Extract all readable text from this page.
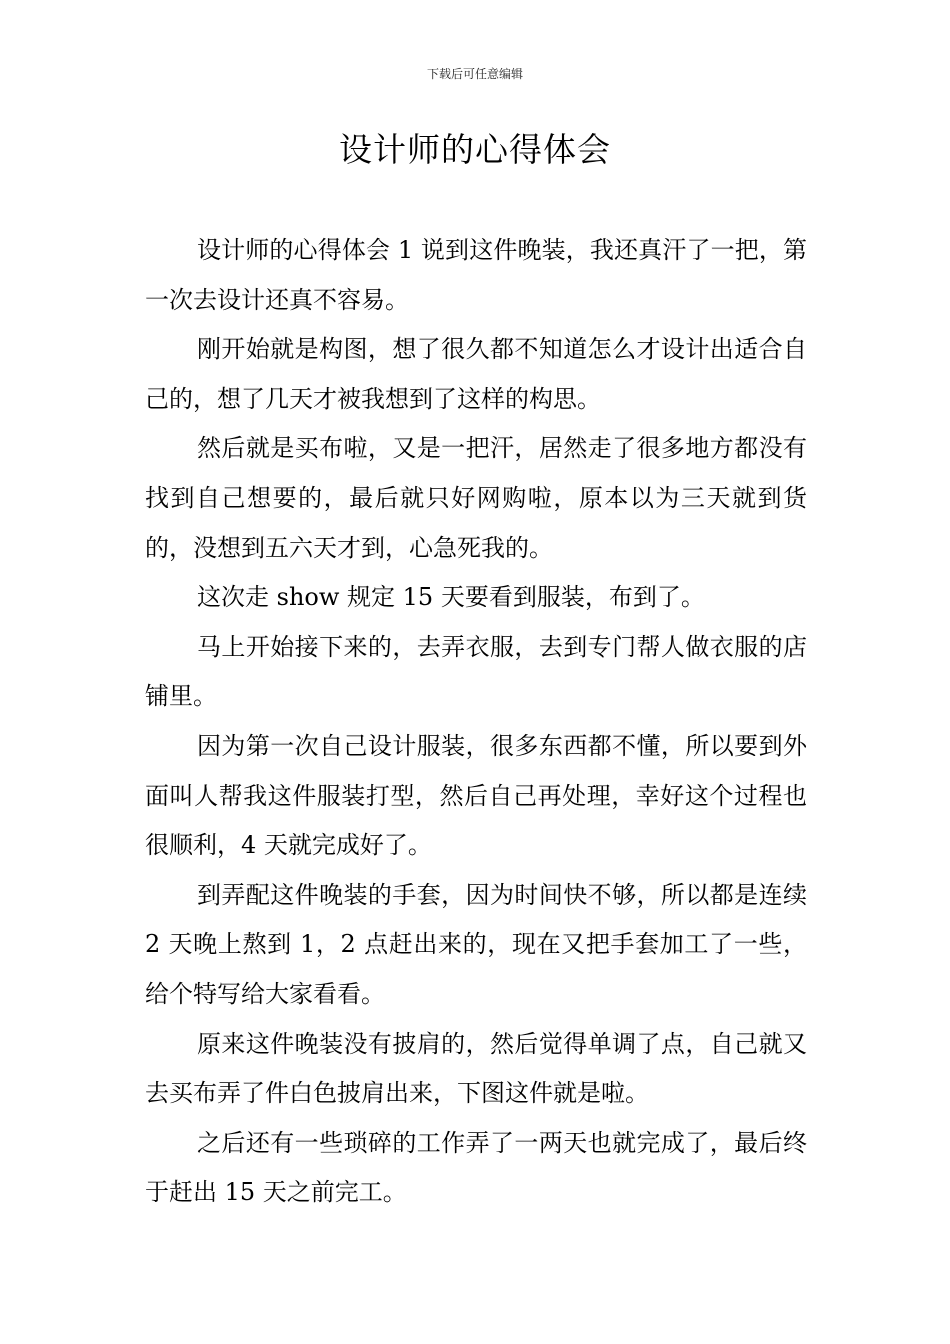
下载后可任意编辑
设计师的心得体会

设计师的心得体会 1 说到这件晚装，我还真汗了一把，第一次去设计还真不容易。

刚开始就是构图，想了很久都不知道怎么才设计出适合自己的，想了几天才被我想到了这样的构思。

然后就是买布啦，又是一把汗，居然走了很多地方都没有找到自己想要的，最后就只好网购啦，原本以为三天就到货的，没想到五六天才到，心急死我的。

这次走 show 规定 15 天要看到服装，布到了。

马上开始接下来的，去弄衣服，去到专门帮人做衣服的店铺里。

因为第一次自己设计服装，很多东西都不懂，所以要到外面叫人帮我这件服装打型，然后自己再处理，幸好这个过程也很顺利，4 天就完成好了。

到弄配这件晚装的手套，因为时间快不够，所以都是连续 2 天晚上熬到 1，2 点赶出来的，现在又把手套加工了一些，给个特写给大家看看。

原来这件晚装没有披肩的，然后觉得单调了点，自己就又去买布弄了件白色披肩出来，下图这件就是啦。

之后还有一些琐碎的工作弄了一两天也就完成了，最后终于赶出 15 天之前完工。
